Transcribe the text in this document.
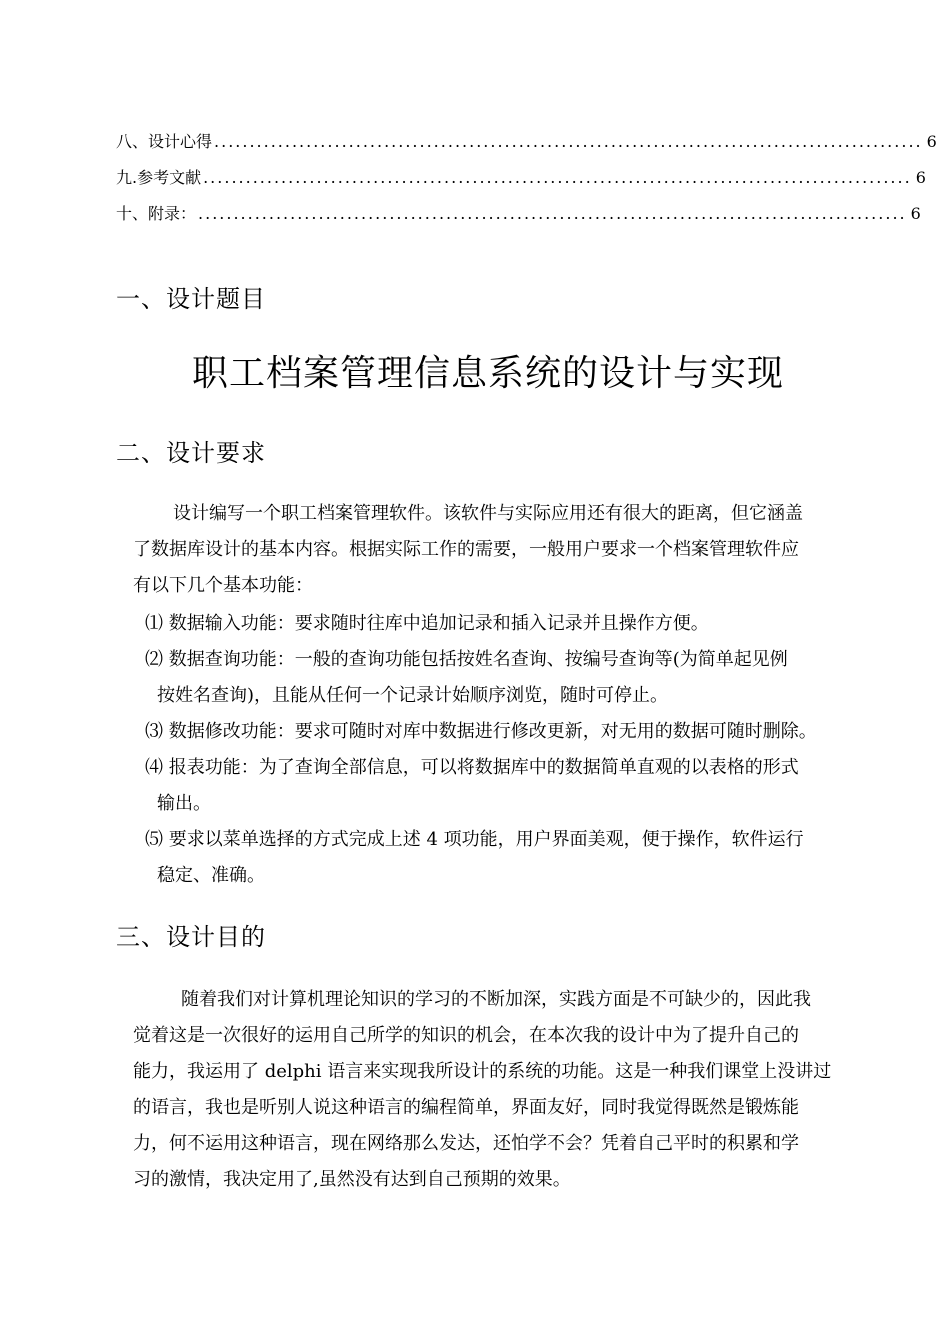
八、设计心得 .................................................................................................... 6
九.参考文献 .................................................................................................... 6
十、附录： .................................................................................................... 6
一、设计题目
职工档案管理信息系统的设计与实现
二、设计要求
设计编写一个职工档案管理软件。该软件与实际应用还有很大的距离，但它涵盖
了数据库设计的基本内容。根据实际工作的需要，一般用户要求一个档案管理软件应
有以下几个基本功能：
⑴ 数据输入功能：要求随时往库中追加记录和插入记录并且操作方便。
⑵ 数据查询功能：一般的查询功能包括按姓名查询、按编号查询等(为简单起见例
按姓名查询)，且能从任何一个记录计始顺序浏览，随时可停止。
⑶ 数据修改功能：要求可随时对库中数据进行修改更新，对无用的数据可随时删除。
⑷ 报表功能：为了查询全部信息，可以将数据库中的数据简单直观的以表格的形式
输出。
⑸ 要求以菜单选择的方式完成上述 4 项功能，用户界面美观，便于操作，软件运行
稳定、准确。
三、设计目的
随着我们对计算机理论知识的学习的不断加深，实践方面是不可缺少的，因此我
觉着这是一次很好的运用自己所学的知识的机会，在本次我的设计中为了提升自己的
能力，我运用了 delphi 语言来实现我所设计的系统的功能。这是一种我们课堂上没讲过
的语言，我也是听别人说这种语言的编程简单，界面友好，同时我觉得既然是锻炼能
力，何不运用这种语言，现在网络那么发达，还怕学不会？凭着自己平时的积累和学
习的激情，我决定用了,虽然没有达到自己预期的效果。
